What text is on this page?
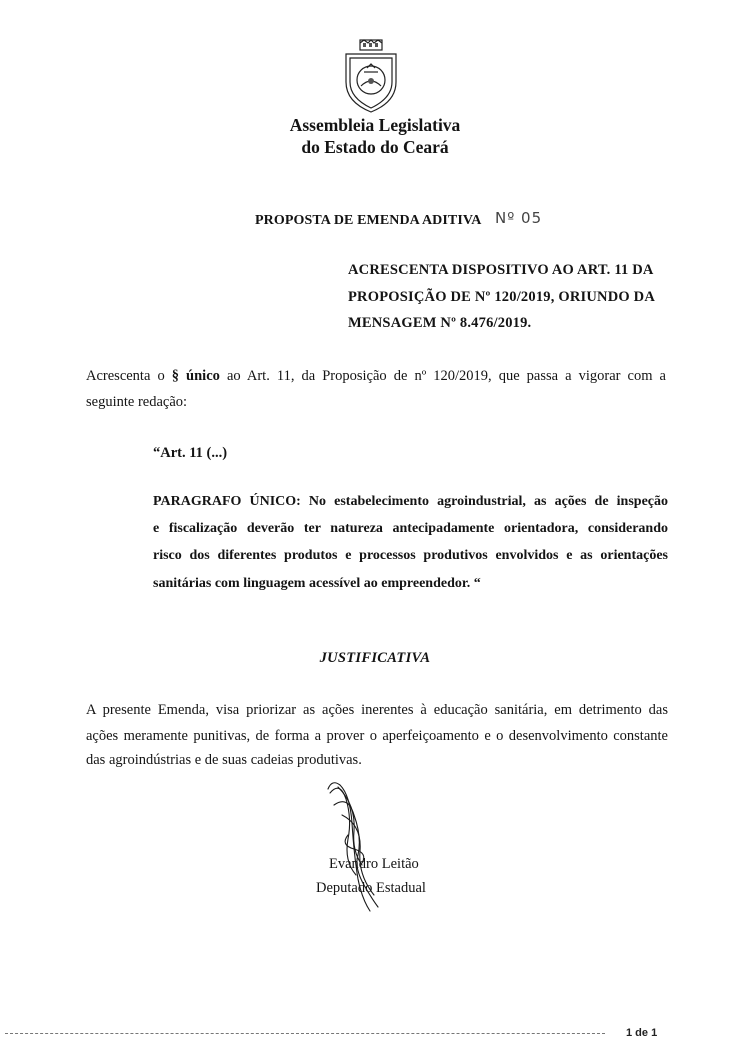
Assembleia Legislativa
do Estado do Ceará
PROPOSTA DE EMENDA ADITIVA Nº 05
ACRESCENTA DISPOSITIVO AO ART. 11 DA
PROPOSIÇÃO DE Nº 120/2019, ORIUNDO DA
MENSAGEM Nº 8.476/2019.
Acrescenta o § único ao Art. 11, da Proposição de nº 120/2019, que passa a vigorar com a
seguinte redação:
“Art. 11 (...)
PARAGRAFO ÚNICO: No estabelecimento agroindustrial, as ações de inspeção
e fiscalização deverão ter natureza antecipadamente orientadora, considerando
risco dos diferentes produtos e processos produtivos envolvidos e as orientações
sanitárias com linguagem acessível ao empreendedor. “
JUSTIFICATIVA
A presente Emenda, visa priorizar as ações inerentes à educação sanitária, em detrimento das
ações meramente punitivas, de forma a prover o aperfeiçoamento e o desenvolvimento constante
das agroindústrias e de suas cadeias produtivas.
Evandro Leitão
Deputado Estadual
1 de 1
